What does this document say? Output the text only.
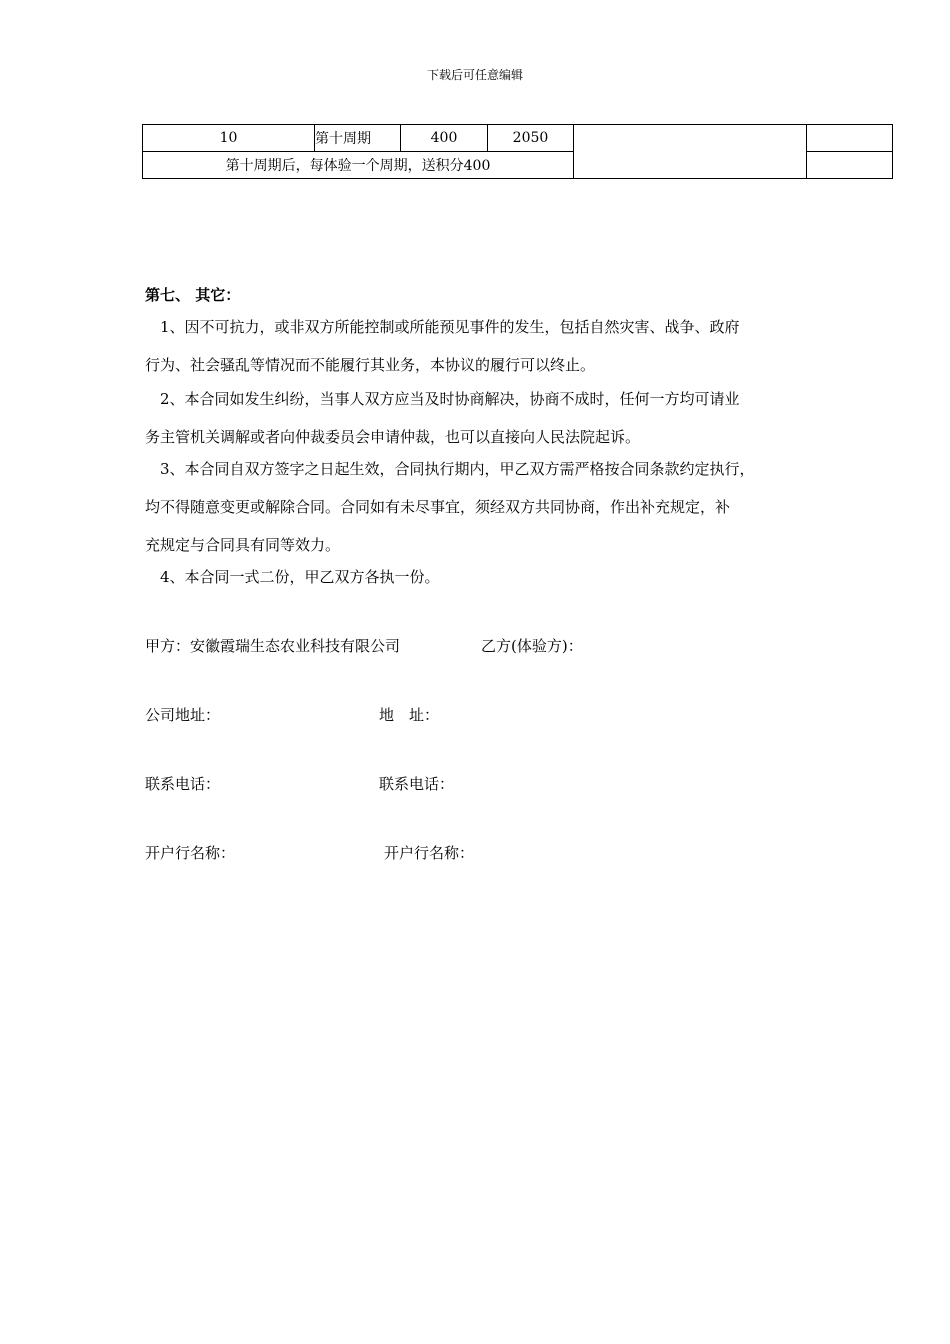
下载后可任意编辑
10	第十周期	400	2050		
第十周期后，每体验一个周期，送积分400					
第七、 其它：
1、因不可抗力，或非双方所能控制或所能预见事件的发生，包括自然灾害、战争、政府
行为、社会骚乱等情况而不能履行其业务，本协议的履行可以终止。
2、本合同如发生纠纷，当事人双方应当及时协商解决，协商不成时，任何一方均可请业
务主管机关调解或者向仲裁委员会申请仲裁，也可以直接向人民法院起诉。
3、本合同自双方签字之日起生效，合同执行期内，甲乙双方需严格按合同条款约定执行，
均不得随意变更或解除合同。合同如有未尽事宜，须经双方共同协商，作出补充规定，补
充规定与合同具有同等效力。
4、本合同一式二份，甲乙双方各执一份。
甲方：安徽霞瑞生态农业科技有限公司	乙方(体验方)：
公司地址：	地　址：
联系电话：	联系电话：
开户行名称：	开户行名称：
